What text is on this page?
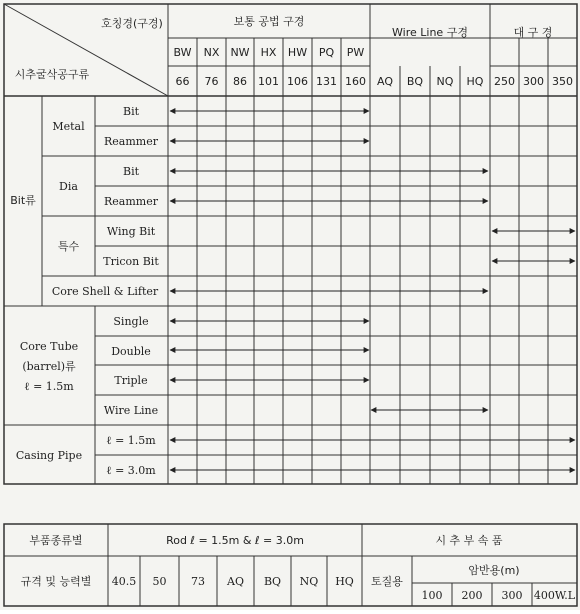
호칭경(구경)
시추굴삭공구류
보통 공법 구경
Wire Line 구경	대 구 경
BW NX NW HX HW PQ PW
66 76 86 101 106 131 160 AQ BQ NQ HQ 250 300 350
Bit류
Core Tube
(barrel)류
ℓ = 1.5m
Casing Pipe
Metal
Dia
특수
Core Shell & Lifter
Bit
Reammer
Bit
Reammer
Wing Bit
Tricon Bit
Single
Double
Triple
Wire Line
ℓ = 1.5m
ℓ = 3.0m
부품종류별
규격 및 능력별
Rod ℓ = 1.5m & ℓ = 3.0m	시 추 부 속 품
40.5 50 73 AQ BQ NQ HQ 토질용
암반용(m)
100 200 300 400W.L
